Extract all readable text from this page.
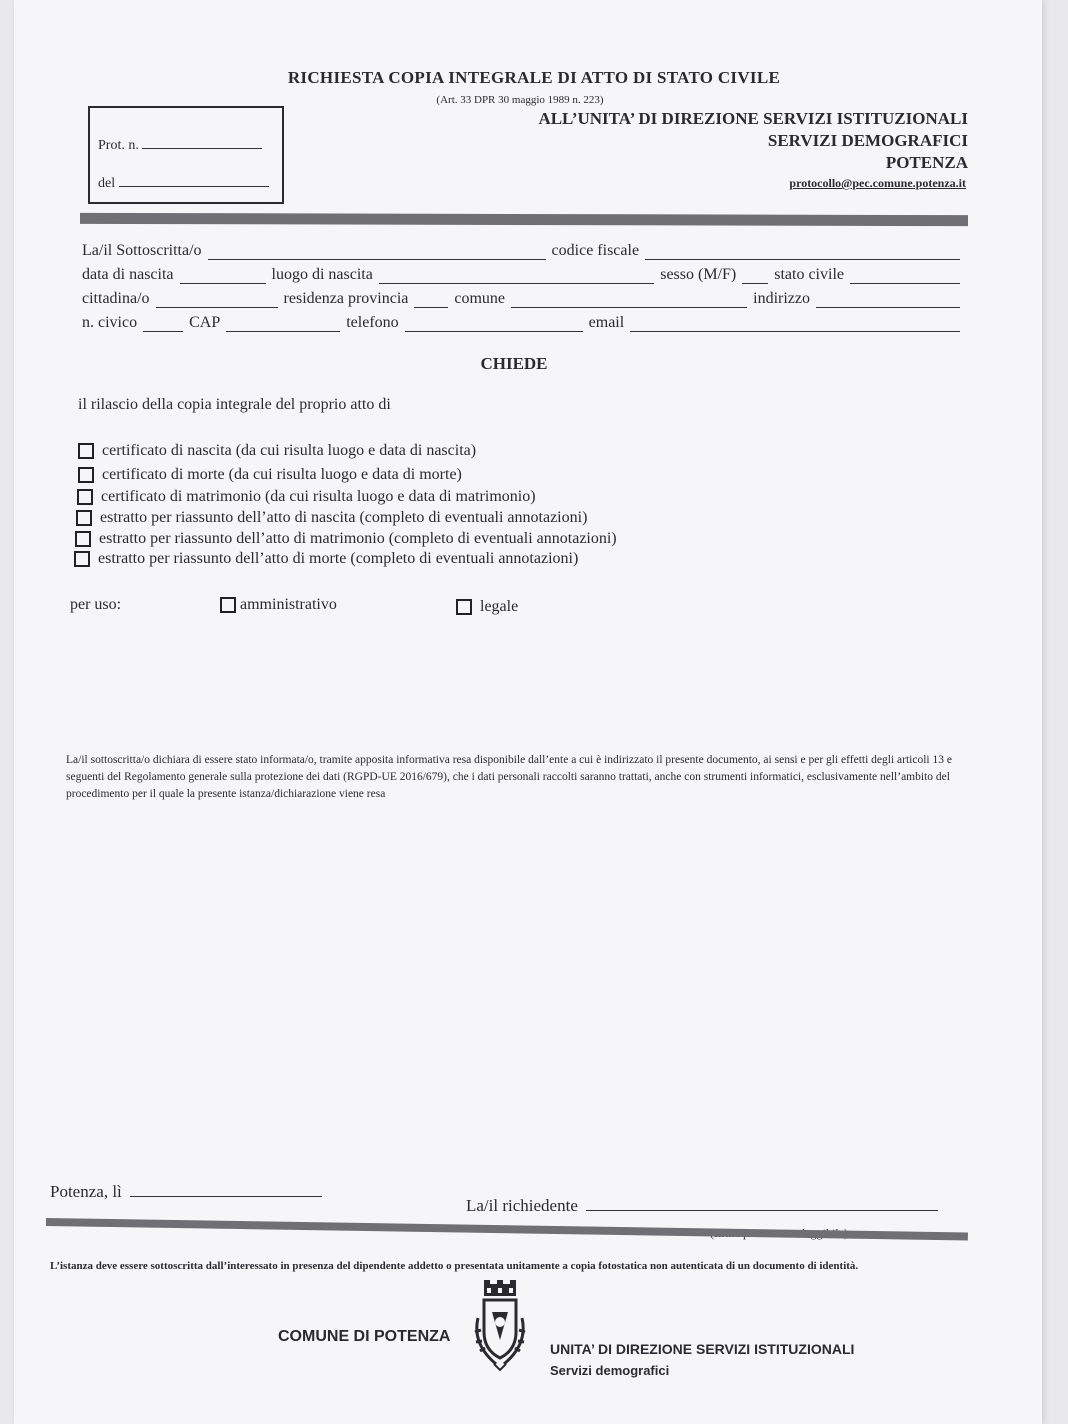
RICHIESTA COPIA INTEGRALE DI ATTO DI STATO CIVILE
(Art. 33 DPR 30 maggio 1989 n. 223)
ALL’UNITA’ DI DIREZIONE SERVIZI ISTITUZIONALI
SERVIZI DEMOGRAFICI
POTENZA
protocollo@pec.comune.potenza.it
Prot. n.
del
La/il Sottoscritta/o	codice fiscale
data di nascita	luogo di nascita	sesso (M/F) stato civile
cittadina/o	residenza provincia	comune	indirizzo
n. civico	CAP	telefono	email
CHIEDE
il rilascio della copia integrale del proprio atto di
certificato di nascita (da cui risulta luogo e data di nascita)
certificato di morte (da cui risulta luogo e data di morte)
certificato di matrimonio (da cui risulta luogo e data di matrimonio)
estratto per riassunto dell’atto di nascita (completo di eventuali annotazioni)
estratto per riassunto dell’atto di matrimonio (completo di eventuali annotazioni)
estratto per riassunto dell’atto di morte (completo di eventuali annotazioni)
per uso:	amministrativo	legale
La/il sottoscritta/o dichiara di essere stato informata/o, tramite apposita informativa resa disponibile dall’ente a cui è indirizzato il presente documento, ai sensi e per gli effetti degli articoli 13 e seguenti del Regolamento generale sulla protezione dei dati (RGPD-UE 2016/679), che i dati personali raccolti saranno trattati, anche con strumenti informatici, esclusivamente nell’ambito del procedimento per il quale la presente istanza/dichiarazione viene resa
Potenza, lì
La/il richiedente
L’istanza deve essere sottoscritta dall’interessato in presenza del dipendente addetto o presentata unitamente a copia fotostatica non autenticata di un documento di identità.
COMUNE DI POTENZA
UNITA’ DI DIREZIONE SERVIZI ISTITUZIONALI
Servizi demografici
